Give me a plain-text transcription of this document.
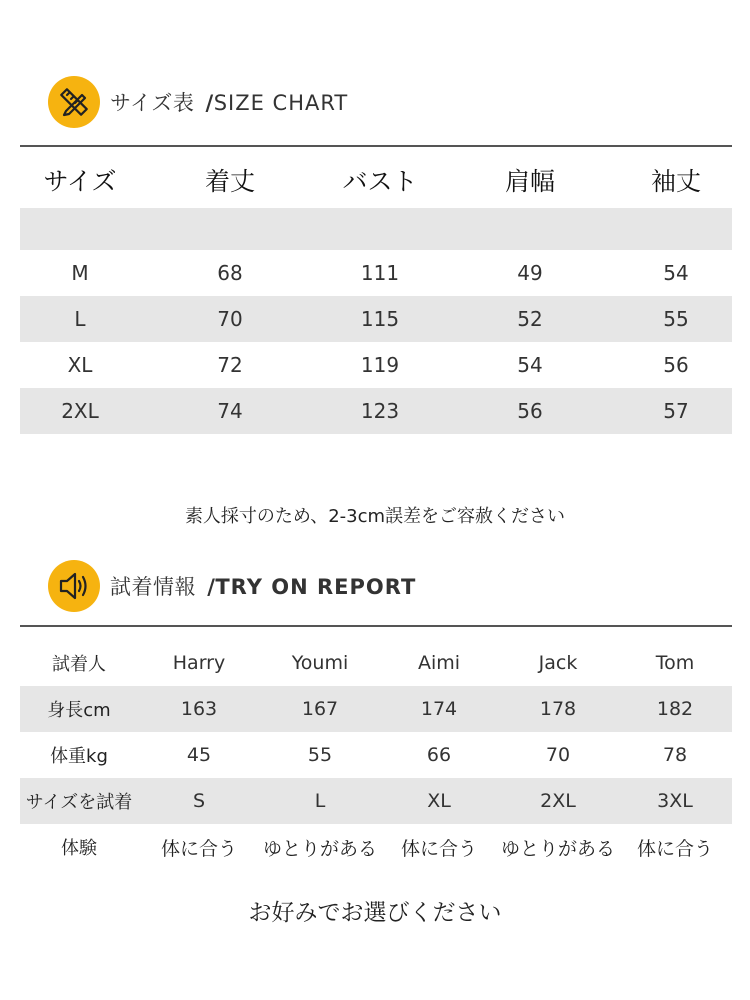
サイズ表 /SIZE CHART
サイズ	着丈	バスト	肩幅	袖丈
M	68	111	49	54
L	70	115	52	55
XL	72	119	54	56
2XL	74	123	56	57
素人採寸のため、2-3cm誤差をご容赦ください
試着情報 /TRY ON REPORT
試着人	Harry	Youmi	Aimi	Jack	Tom
身長cm	163	167	174	178	182
体重kg	45	55	66	70	78
サイズを試着	S	L	XL	2XL	3XL
体験	体に合う	ゆとりがある	体に合う	ゆとりがある	体に合う
お好みでお選びください
